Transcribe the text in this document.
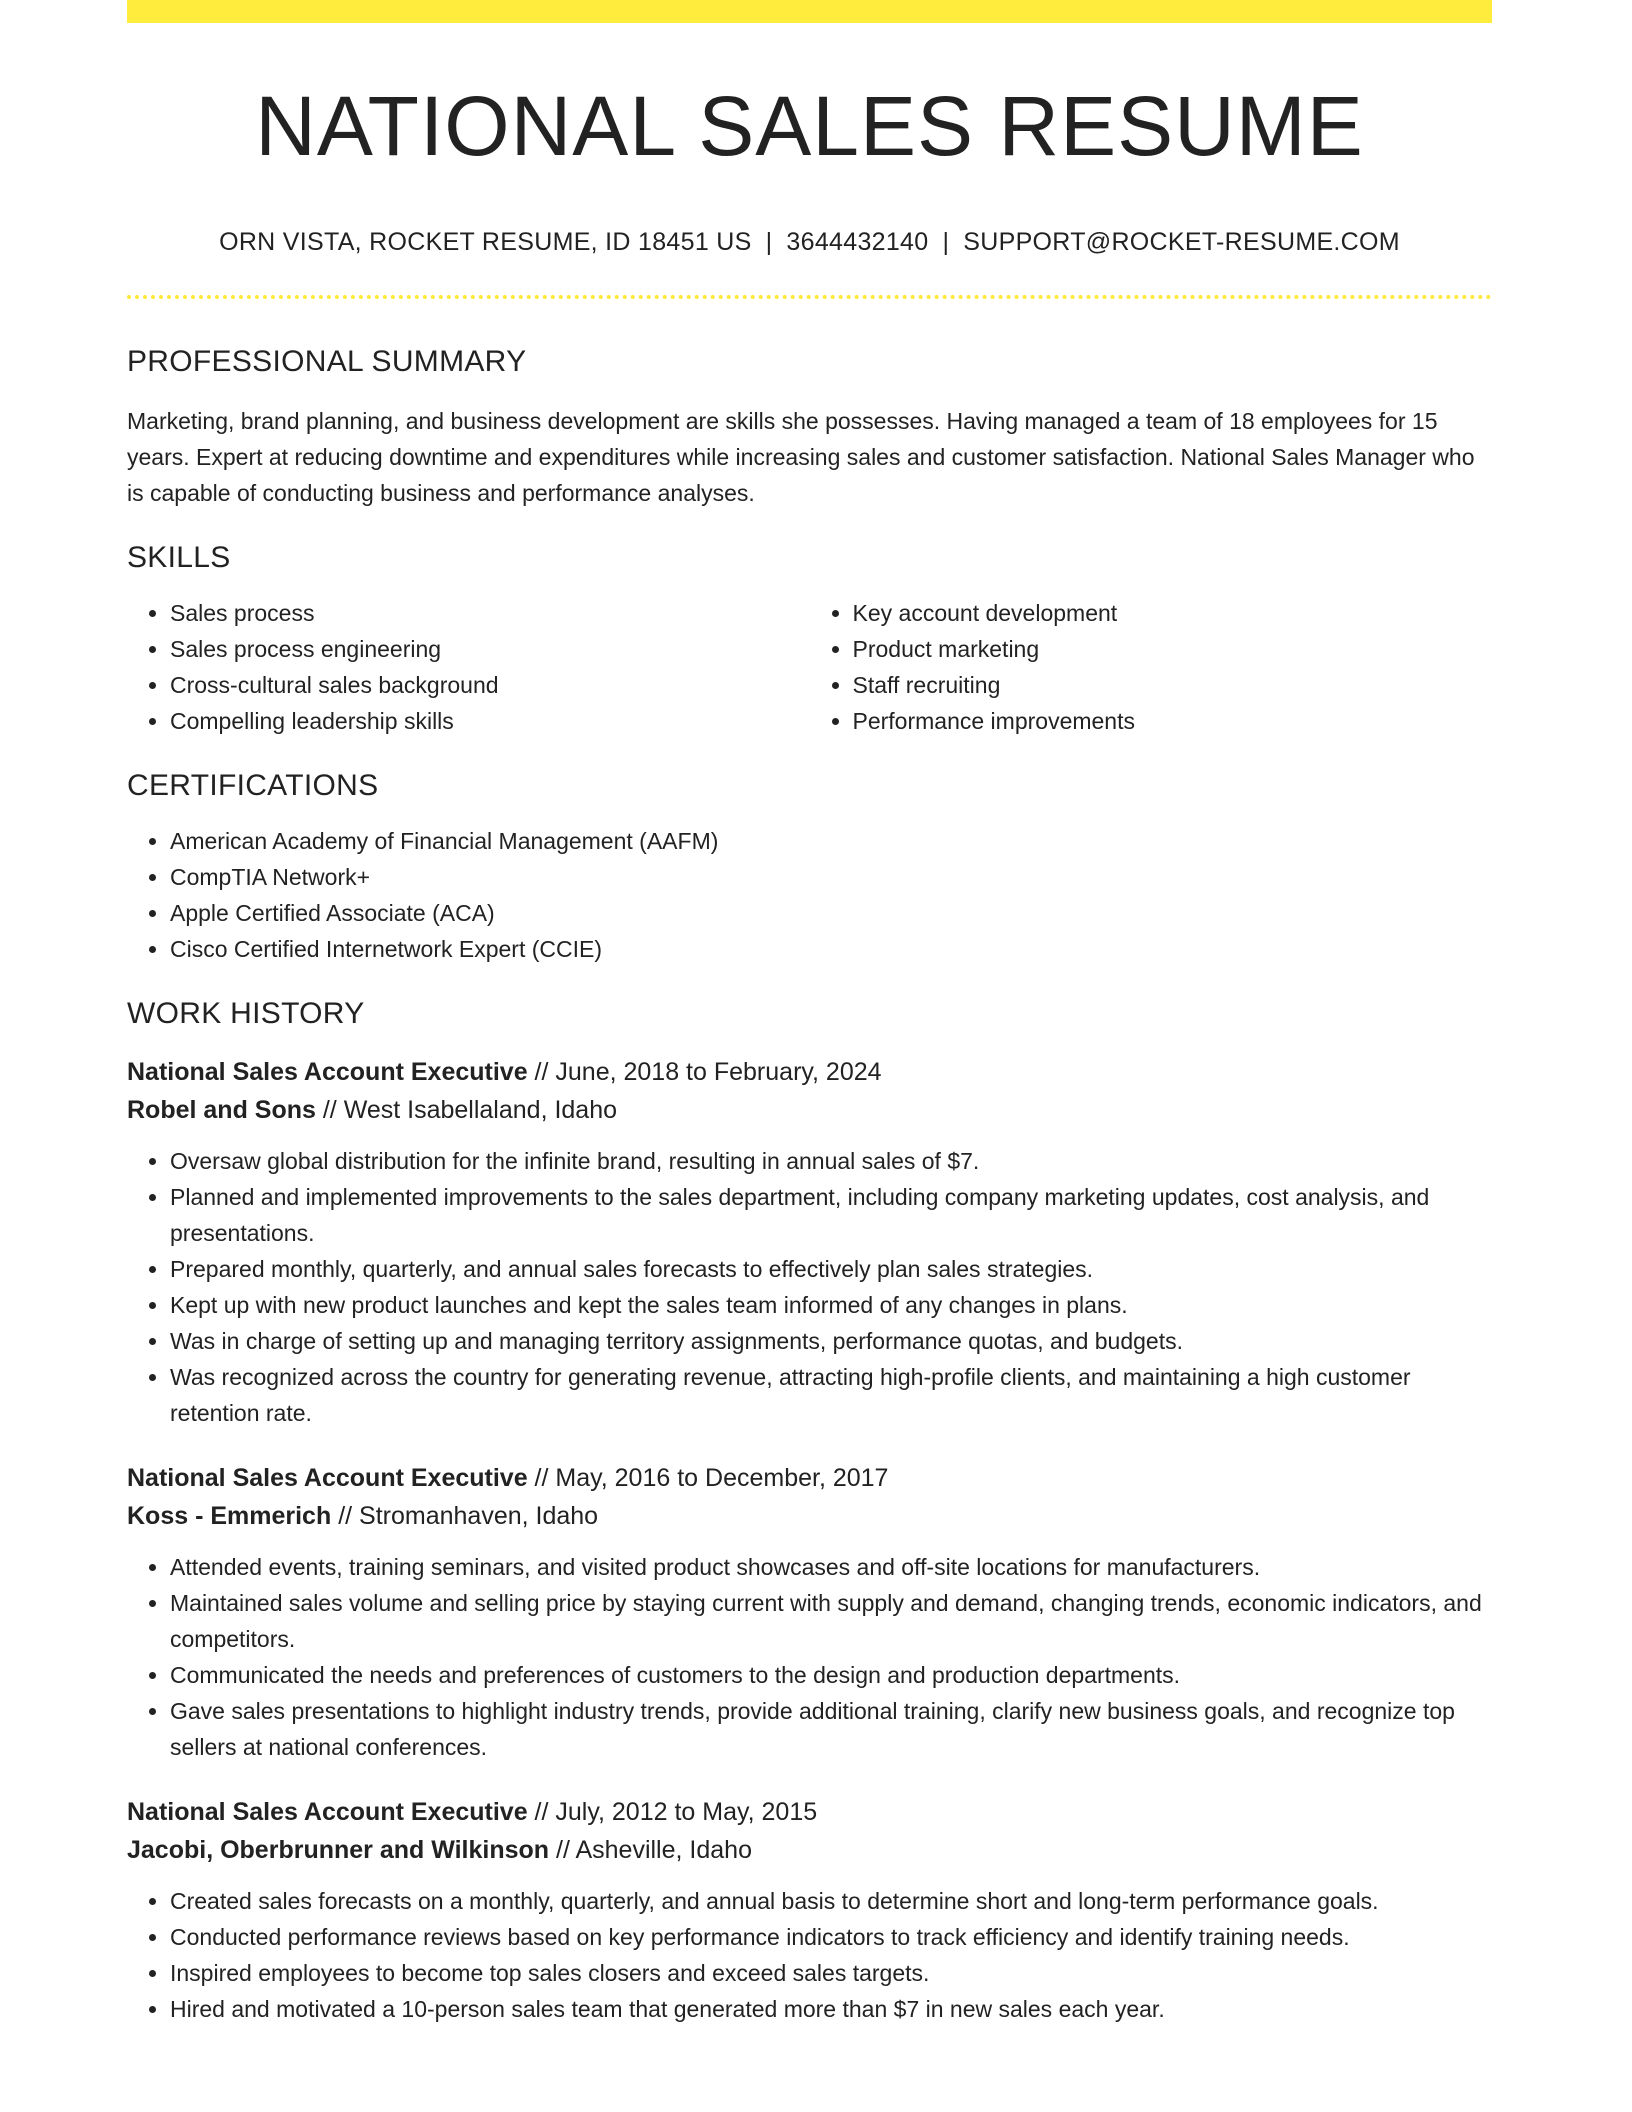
NATIONAL SALES RESUME
ORN VISTA, ROCKET RESUME, ID 18451 US | 3644432140 | SUPPORT@ROCKET-RESUME.COM
PROFESSIONAL SUMMARY

Marketing, brand planning, and business development are skills she possesses. Having managed a team of 18 employees for 15 years. Expert at reducing downtime and expenditures while increasing sales and customer satisfaction. National Sales Manager who is capable of conducting business and performance analyses.

SKILLS
• Sales process
• Sales process engineering
• Cross-cultural sales background
• Compelling leadership skills
• Key account development
• Product marketing
• Staff recruiting
• Performance improvements
CERTIFICATIONS
• American Academy of Financial Management (AAFM)
• CompTIA Network+
• Apple Certified Associate (ACA)
• Cisco Certified Internetwork Expert (CCIE)
WORK HISTORY
National Sales Account Executive // June, 2018 to February, 2024
Robel and Sons // West Isabellaland, Idaho
• Oversaw global distribution for the infinite brand, resulting in annual sales of $7.
• Planned and implemented improvements to the sales department, including company marketing updates, cost analysis, and presentations.
• Prepared monthly, quarterly, and annual sales forecasts to effectively plan sales strategies.
• Kept up with new product launches and kept the sales team informed of any changes in plans.
• Was in charge of setting up and managing territory assignments, performance quotas, and budgets.
• Was recognized across the country for generating revenue, attracting high-profile clients, and maintaining a high customer retention rate.
National Sales Account Executive // May, 2016 to December, 2017
Koss - Emmerich // Stromanhaven, Idaho
• Attended events, training seminars, and visited product showcases and off-site locations for manufacturers.
• Maintained sales volume and selling price by staying current with supply and demand, changing trends, economic indicators, and competitors.
• Communicated the needs and preferences of customers to the design and production departments.
• Gave sales presentations to highlight industry trends, provide additional training, clarify new business goals, and recognize top sellers at national conferences.
National Sales Account Executive // July, 2012 to May, 2015
Jacobi, Oberbrunner and Wilkinson // Asheville, Idaho
• Created sales forecasts on a monthly, quarterly, and annual basis to determine short and long-term performance goals.
• Conducted performance reviews based on key performance indicators to track efficiency and identify training needs.
• Inspired employees to become top sales closers and exceed sales targets.
• Hired and motivated a 10-person sales team that generated more than $7 in new sales each year.
